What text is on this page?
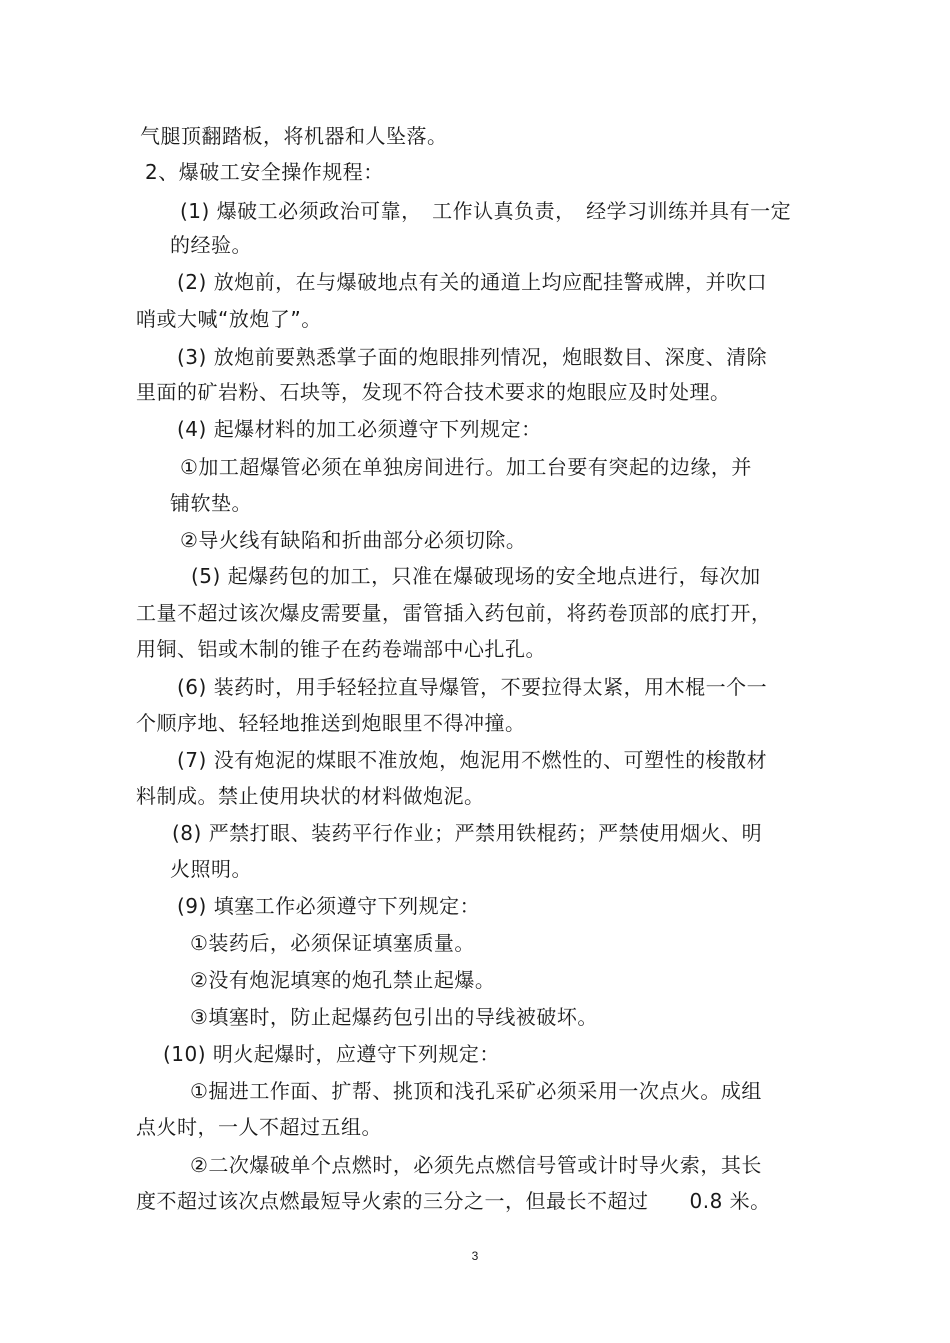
气腿顶翻踏板，将机器和人坠落。
2、爆破工安全操作规程：
(1) 爆破工必须政治可靠，　工作认真负责，　经学习训练并具有一定
的经验。
(2) 放炮前，在与爆破地点有关的通道上均应配挂警戒牌，并吹口
哨或大喊“放炮了”。
(3) 放炮前要熟悉掌子面的炮眼排列情况，炮眼数目、深度、清除
里面的矿岩粉、石块等，发现不符合技术要求的炮眼应及时处理。
(4) 起爆材料的加工必须遵守下列规定：
①加工超爆管必须在单独房间进行。加工台要有突起的边缘，并
铺软垫。
②导火线有缺陷和折曲部分必须切除。
(5) 起爆药包的加工，只准在爆破现场的安全地点进行，每次加
工量不超过该次爆皮需要量，雷管插入药包前，将药卷顶部的底打开，
用铜、铝或木制的锥子在药卷端部中心扎孔。
(6) 装药时，用手轻轻拉直导爆管，不要拉得太紧，用木棍一个一
个顺序地、轻轻地推送到炮眼里不得冲撞。
(7) 没有炮泥的煤眼不准放炮，炮泥用不燃性的、可塑性的梭散材
料制成。禁止使用块状的材料做炮泥。
(8) 严禁打眼、装药平行作业；严禁用铁棍药；严禁使用烟火、明
火照明。
(9) 填塞工作必须遵守下列规定：
①装药后，必须保证填塞质量。
②没有炮泥填寒的炮孔禁止起爆。
③填塞时，防止起爆药包引出的导线被破坏。
(10) 明火起爆时，应遵守下列规定：
①掘进工作面、扩帮、挑顶和浅孔采矿必须采用一次点火。成组
点火时，一人不超过五组。
②二次爆破单个点燃时，必须先点燃信号管或计时导火索，其长
度不超过该次点燃最短导火索的三分之一，但最长不超过　　0.8 米。
3
